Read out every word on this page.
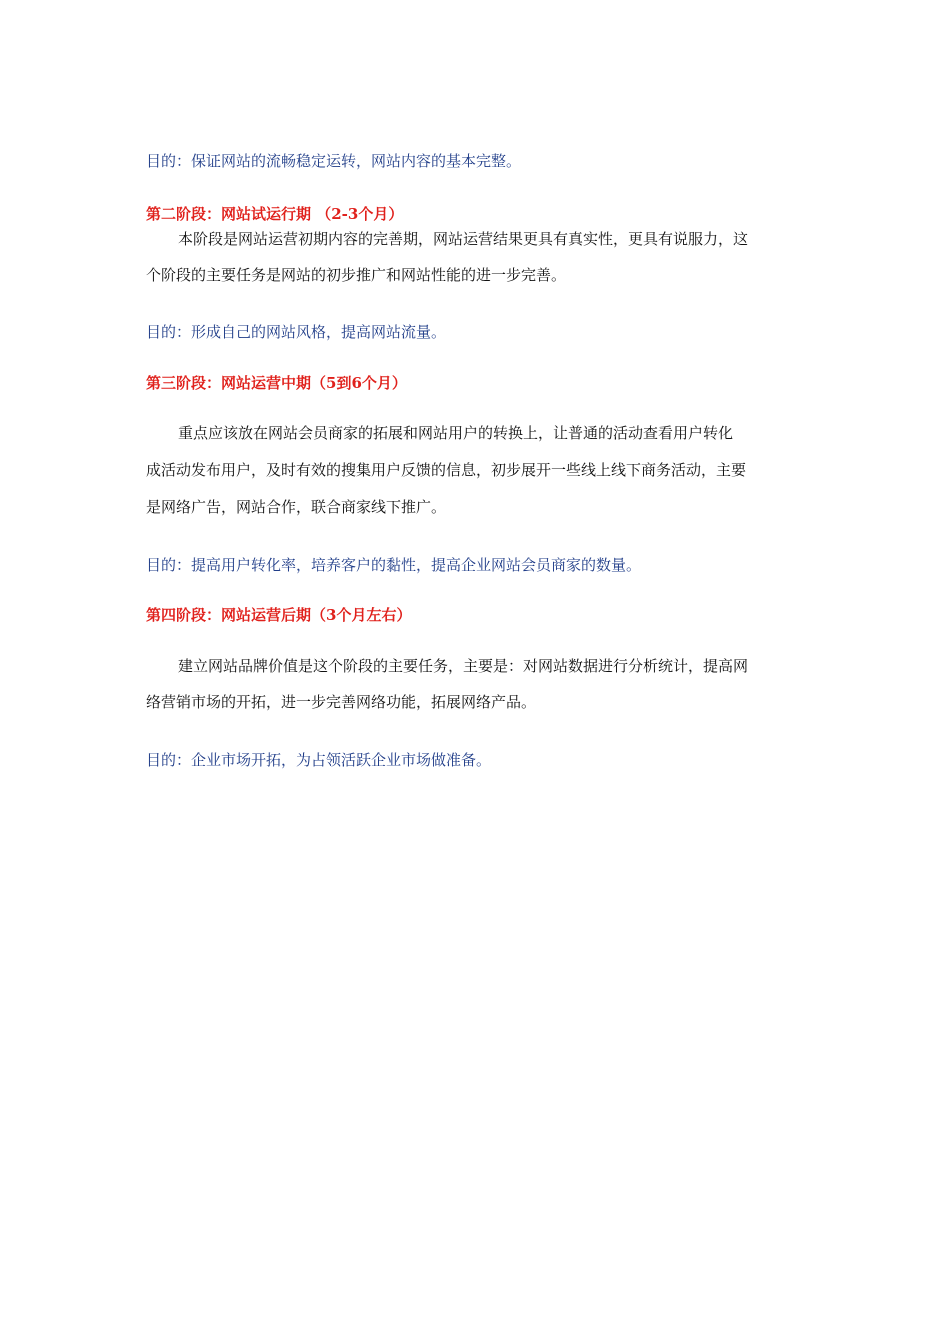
目的：保证网站的流畅稳定运转，网站内容的基本完整。
第二阶段：网站试运行期 （2-3个月）
本阶段是网站运营初期内容的完善期，网站运营结果更具有真实性，更具有说服力，这
个阶段的主要任务是网站的初步推广和网站性能的进一步完善。
目的：形成自己的网站风格，提高网站流量。
第三阶段：网站运营中期（5到6个月）
重点应该放在网站会员商家的拓展和网站用户的转换上，让普通的活动查看用户转化
成活动发布用户，及时有效的搜集用户反馈的信息，初步展开一些线上线下商务活动，主要
是网络广告，网站合作，联合商家线下推广。
目的：提高用户转化率，培养客户的黏性，提高企业网站会员商家的数量。
第四阶段：网站运营后期（3个月左右）
建立网站品牌价值是这个阶段的主要任务，主要是：对网站数据进行分析统计，提高网
络营销市场的开拓，进一步完善网络功能，拓展网络产品。
目的：企业市场开拓，为占领活跃企业市场做准备。
